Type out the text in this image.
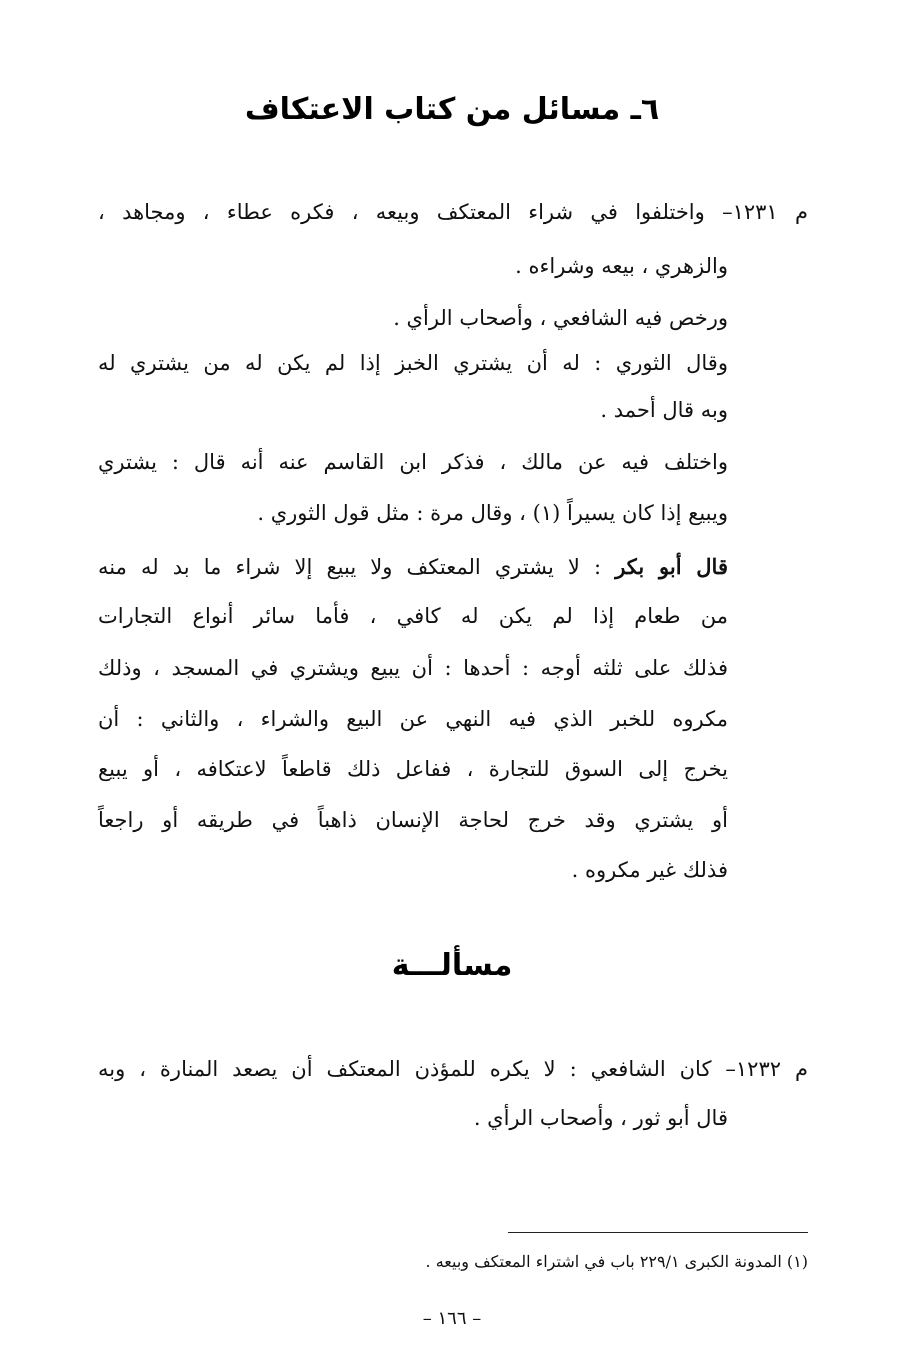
٦ـ مسائل من كتاب الاعتكاف
م ١٢٣١– واختلفوا في شراء المعتكف وبيعه ، فكره عطاء ، ومجاهد ،
والزهري ، بيعه وشراءه .
ورخص فيه الشافعي ، وأصحاب الرأي .
وقال الثوري : له أن يشتري الخبز إذا لم يكن له من يشتري له
وبه قال أحمد .
واختلف فيه عن مالك ، فذكر ابن القاسم عنه أنه قال : يشتري
ويبيع إذا كان يسيراً (١) ، وقال مرة : مثل قول الثوري .
قال أبو بكر : لا يشتري المعتكف ولا يبيع إلا شراء ما بد له منه
من طعام إذا لم يكن له كافي ، فأما سائر أنواع التجارات
فذلك على ثلثه أوجه : أحدها : أن يبيع ويشتري في المسجد ، وذلك
مكروه للخبر الذي فيه النهي عن البيع والشراء ، والثاني : أن
يخرج إلى السوق للتجارة ، ففاعل ذلك قاطعاً لاعتكافه ، أو يبيع
أو يشتري وقد خرج لحاجة الإنسان ذاهباً في طريقه أو راجعاً
فذلك غير مكروه .
مسألـــة
م ١٢٣٢– كان الشافعي : لا يكره للمؤذن المعتكف أن يصعد المنارة ، وبه
قال أبو ثور ، وأصحاب الرأي .
(١) المدونة الكبرى ٢٢٩/١ باب في اشتراء المعتكف وبيعه .
– ١٦٦ –
